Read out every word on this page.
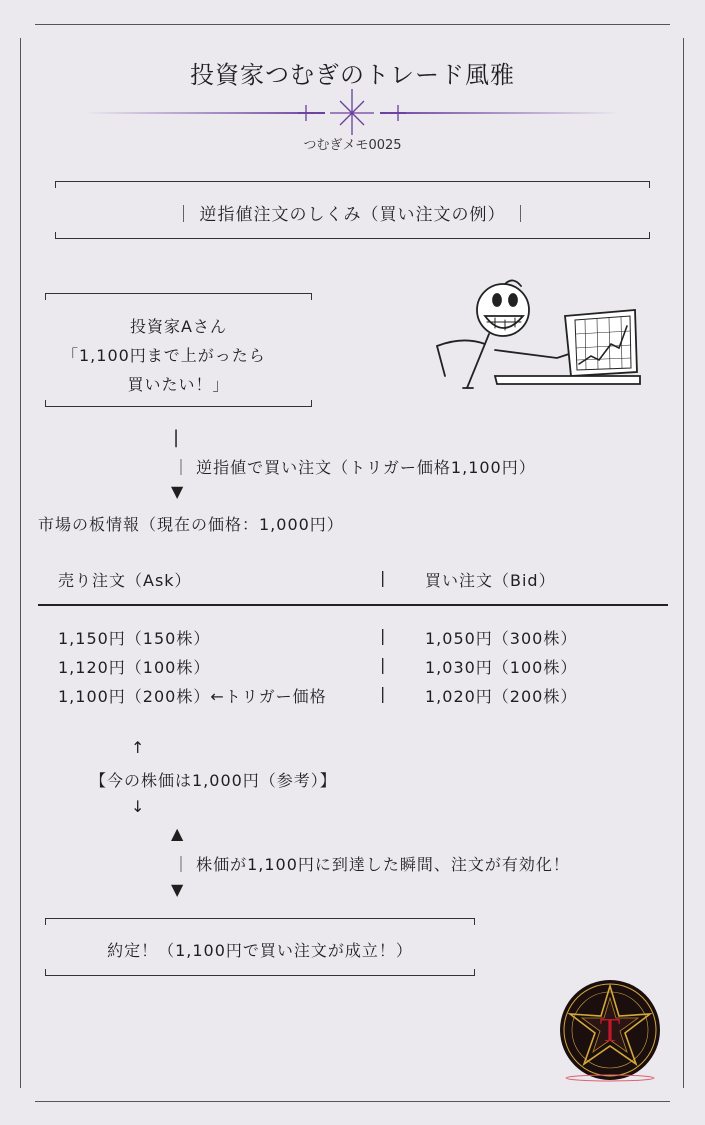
投資家つむぎのトレード風雅
つむぎメモ0025
｜ 逆指値注文のしくみ（買い注文の例） ｜
投資家Aさん
「1,100円まで上がったら
買いたい！」
|
｜ 逆指値で買い注文（トリガー価格1,100円）
▼
市場の板情報（現在の価格：1,000円）
売り注文（Ask）	| 買い注文（Bid）
1,150円（150株）
1,120円（100株）
1,100円（200株）←トリガー価格
|
|
|
1,050円（300株）
1,030円（100株）
1,020円（200株）
↑
【今の株価は1,000円（参考）】
↓
▲
｜ 株価が1,100円に到達した瞬間、注文が有効化！
▼
約定！（1,100円で買い注文が成立！）
T
